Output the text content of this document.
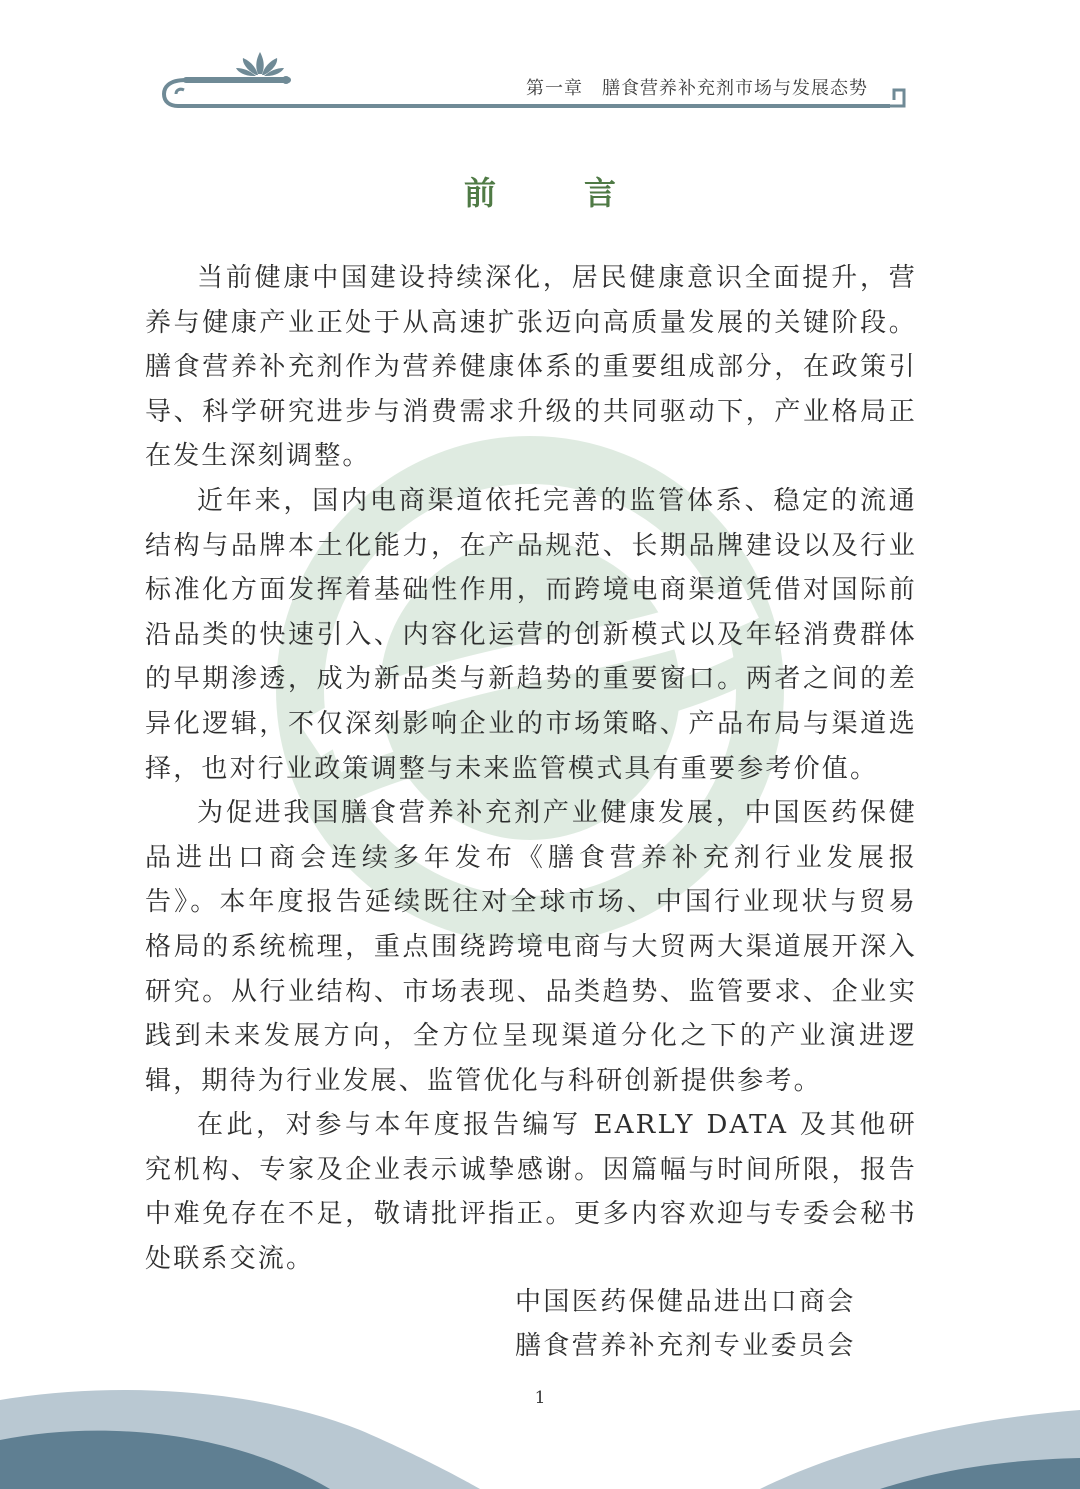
第一章　膳食营养补充剂市场与发展态势
前　言

当前健康中国建设持续深化，居民健康意识全面提升，营养与健康产业正处于从高速扩张迈向高质量发展的关键阶段。膳食营养补充剂作为营养健康体系的重要组成部分，在政策引导、科学研究进步与消费需求升级的共同驱动下，产业格局正在发生深刻调整。

近年来，国内电商渠道依托完善的监管体系、稳定的流通结构与品牌本土化能力，在产品规范、长期品牌建设以及行业标准化方面发挥着基础性作用，而跨境电商渠道凭借对国际前沿品类的快速引入、内容化运营的创新模式以及年轻消费群体的早期渗透，成为新品类与新趋势的重要窗口。两者之间的差异化逻辑，不仅深刻影响企业的市场策略、产品布局与渠道选择，也对行业政策调整与未来监管模式具有重要参考价值。

为促进我国膳食营养补充剂产业健康发展，中国医药保健品进出口商会连续多年发布《膳食营养补充剂行业发展报告》。本年度报告延续既往对全球市场、中国行业现状与贸易格局的系统梳理，重点围绕跨境电商与大贸两大渠道展开深入研究。从行业结构、市场表现、品类趋势、监管要求、企业实践到未来发展方向，全方位呈现渠道分化之下的产业演进逻辑，期待为行业发展、监管优化与科研创新提供参考。

在此，对参与本年度报告编写 EARLY DATA 及其他研究机构、专家及企业表示诚挚感谢。因篇幅与时间所限，报告中难免存在不足，敬请批评指正。更多内容欢迎与专委会秘书处联系交流。

中国医药保健品进出口商会
膳食营养补充剂专业委员会
1
